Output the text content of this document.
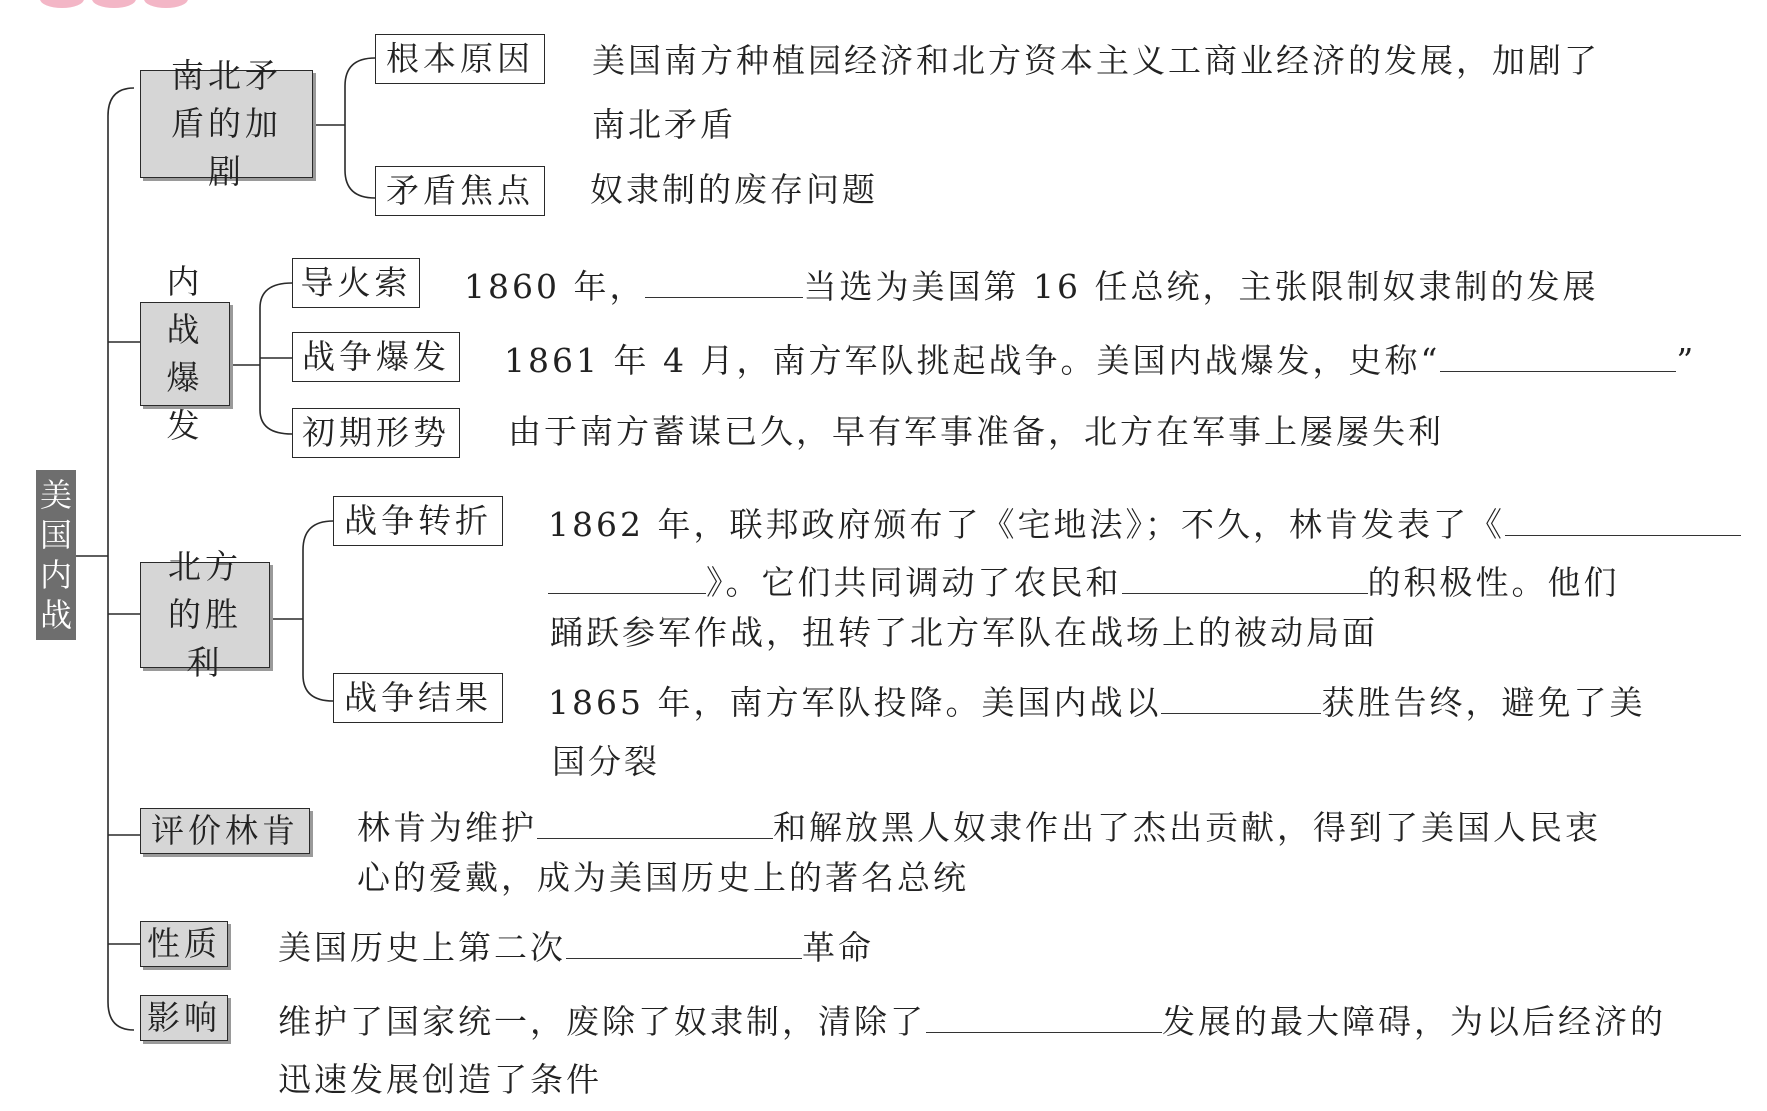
美国内战
南北矛盾的加剧
根本原因 美国南方种植园经济和北方资本主义工商业经济的发展，加剧了
南北矛盾
矛盾焦点 奴隶制的废存问题
内战爆发
导火索 1860 年，	当选为美国第 16 任总统，主张限制奴隶制的发展
战争爆发 1861 年 4 月，南方军队挑起战争。美国内战爆发，史称“	”
初期形势 由于南方蓄谋已久，早有军事准备，北方在军事上屡屡失利
北方的胜利
战争转折 1862 年，联邦政府颁布了《宅地法》；不久，林肯发表了《
》。它们共同调动了农民和	的积极性。他们
踊跃参军作战，扭转了北方军队在战场上的被动局面
战争结果 1865 年，南方军队投降。美国内战以	获胜告终，避免了美
国分裂
评价林肯 林肯为维护	和解放黑人奴隶作出了杰出贡献，得到了美国人民衷
心的爱戴，成为美国历史上的著名总统
性质 美国历史上第二次	革命
影响 维护了国家统一，废除了奴隶制，清除了	发展的最大障碍，为以后经济的
迅速发展创造了条件
